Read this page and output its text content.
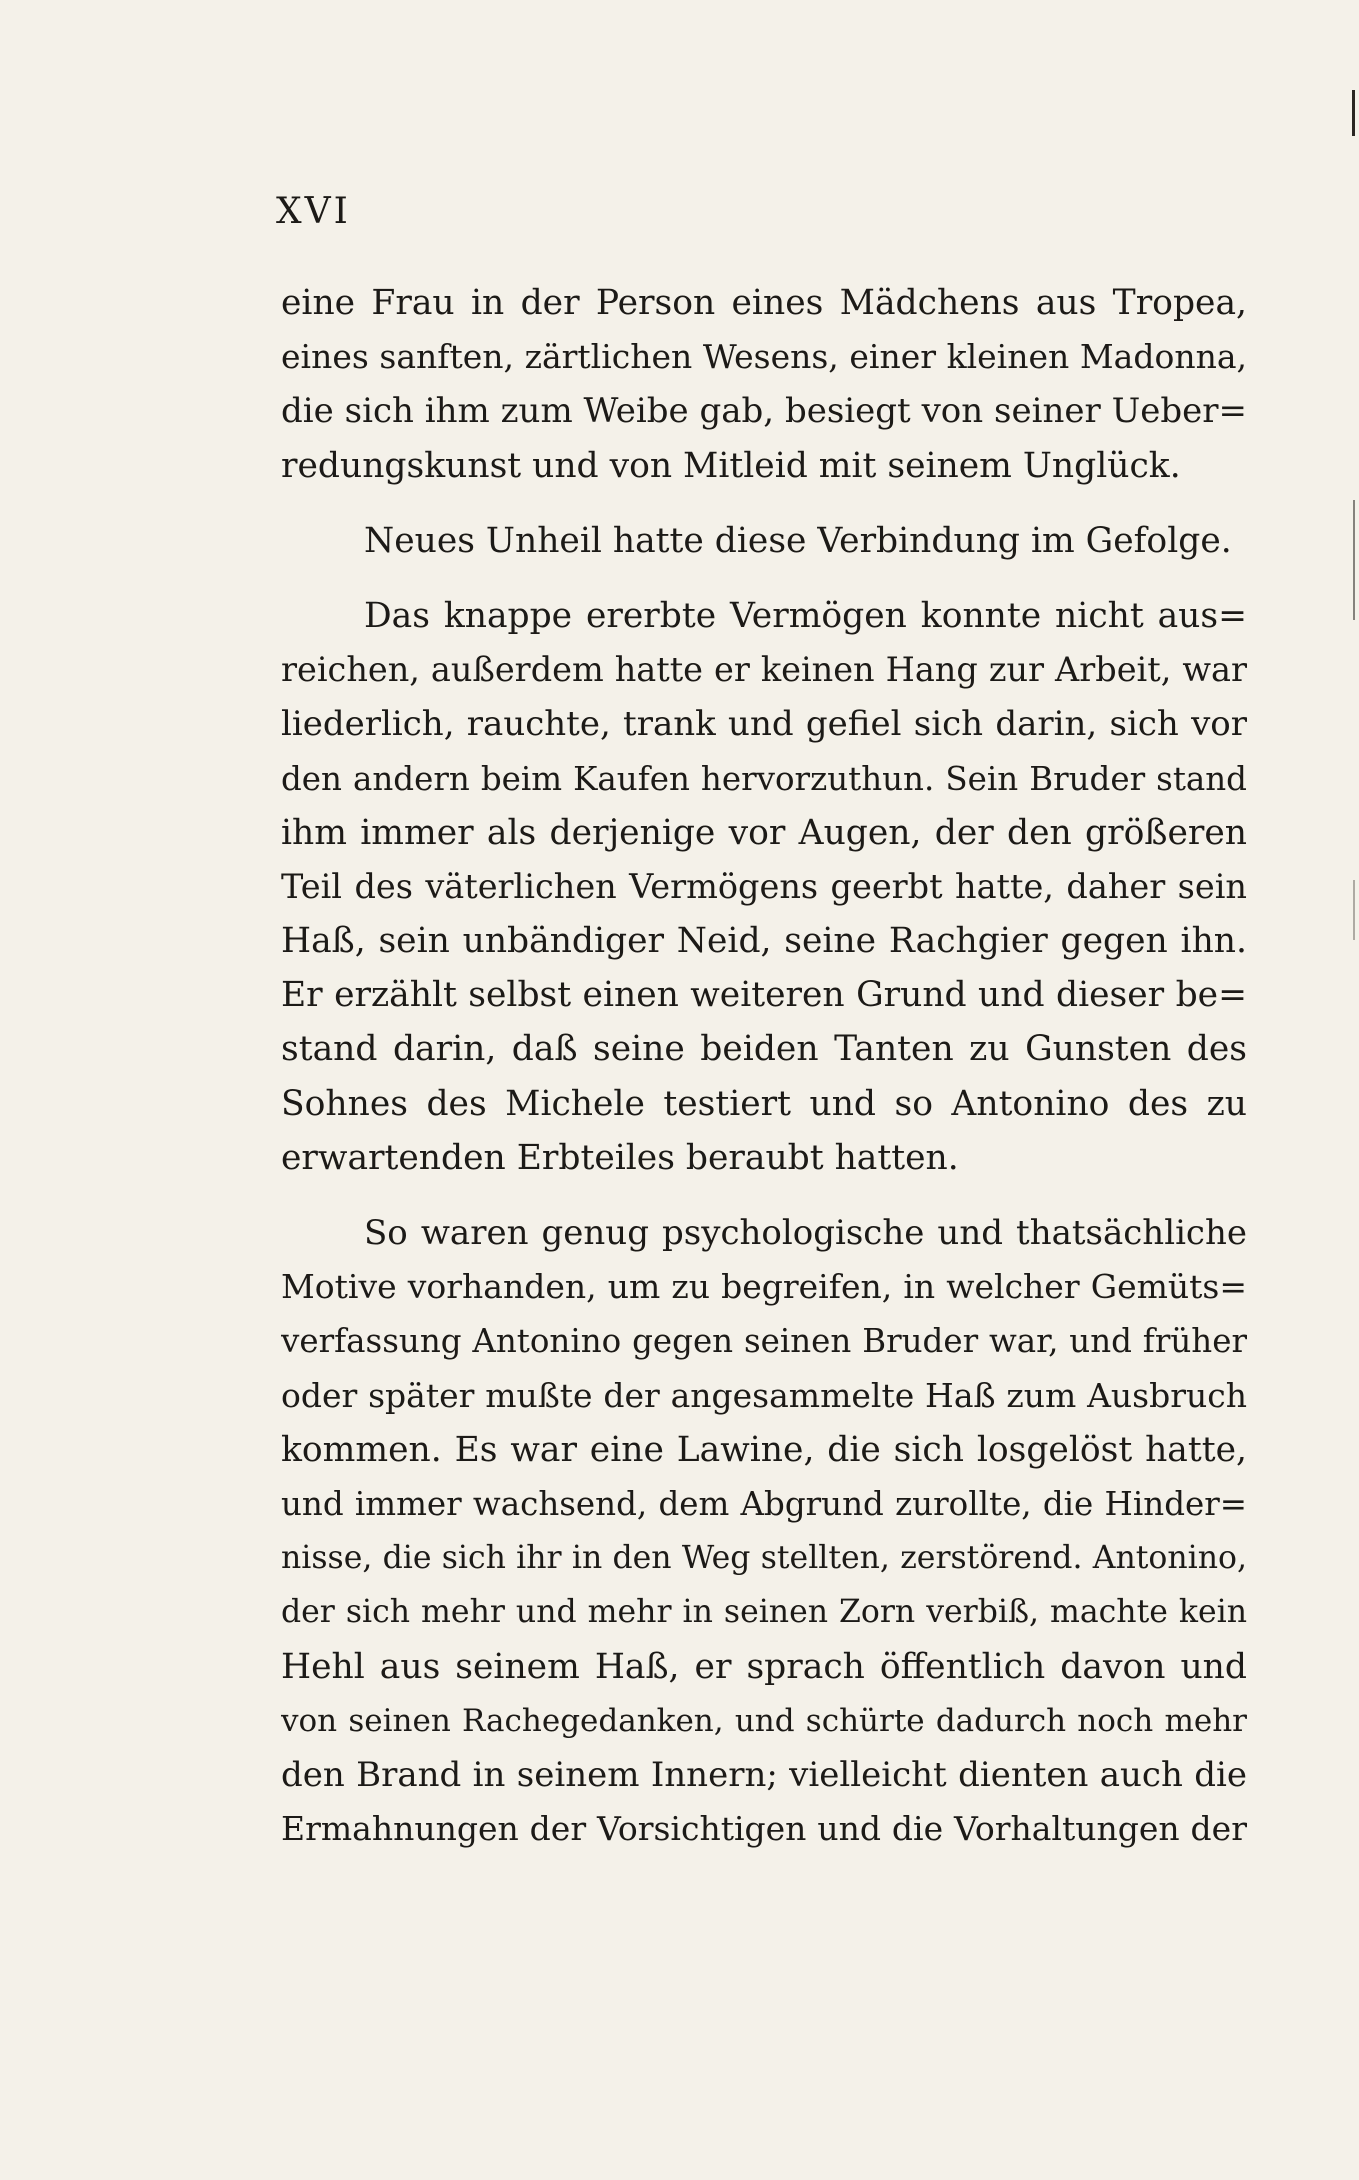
XVI
eine Frau in der Person eines Mädchens aus Tropea,
eines sanften, zärtlichen Wesens, einer kleinen Madonna,
die sich ihm zum Weibe gab, besiegt von seiner Ueber=
redungskunst und von Mitleid mit seinem Unglück.
Neues Unheil hatte diese Verbindung im Gefolge.
Das knappe ererbte Vermögen konnte nicht aus=
reichen, außerdem hatte er keinen Hang zur Arbeit, war
liederlich, rauchte, trank und gefiel sich darin, sich vor
den andern beim Kaufen hervorzuthun. Sein Bruder stand
ihm immer als derjenige vor Augen, der den größeren
Teil des väterlichen Vermögens geerbt hatte, daher sein
Haß, sein unbändiger Neid, seine Rachgier gegen ihn.
Er erzählt selbst einen weiteren Grund und dieser be=
stand darin, daß seine beiden Tanten zu Gunsten des
Sohnes des Michele testiert und so Antonino des zu
erwartenden Erbteiles beraubt hatten.
So waren genug psychologische und thatsächliche
Motive vorhanden, um zu begreifen, in welcher Gemüts=
verfassung Antonino gegen seinen Bruder war, und früher
oder später mußte der angesammelte Haß zum Ausbruch
kommen. Es war eine Lawine, die sich losgelöst hatte,
und immer wachsend, dem Abgrund zurollte, die Hinder=
nisse, die sich ihr in den Weg stellten, zerstörend. Antonino,
der sich mehr und mehr in seinen Zorn verbiß, machte kein
Hehl aus seinem Haß, er sprach öffentlich davon und
von seinen Rachegedanken, und schürte dadurch noch mehr
den Brand in seinem Innern; vielleicht dienten auch die
Ermahnungen der Vorsichtigen und die Vorhaltungen der
